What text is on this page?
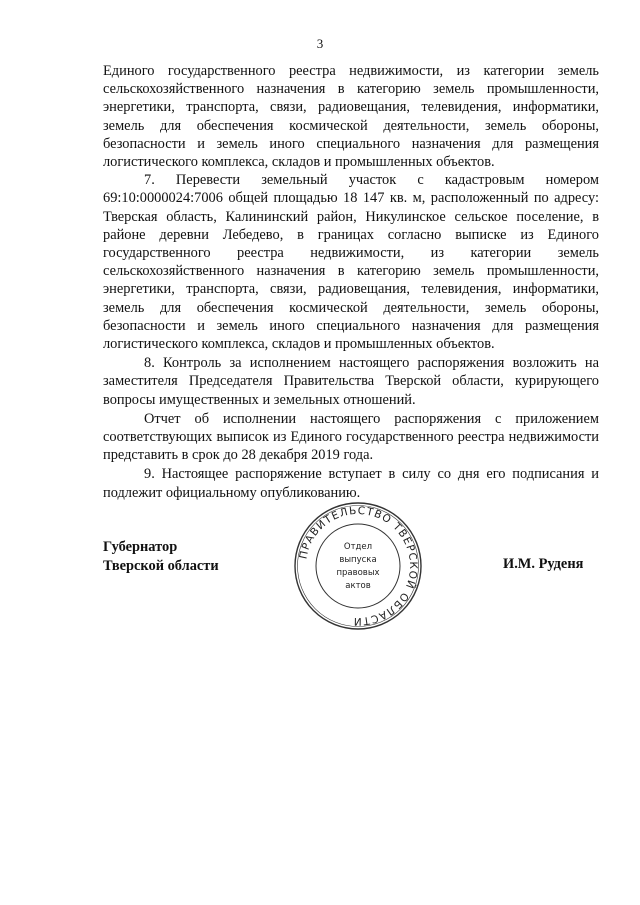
3

Единого государственного реестра недвижимости, из категории земель сельскохозяйственного назначения в категорию земель промышленности, энергетики, транспорта, связи, радиовещания, телевидения, информатики, земель для обеспечения космической деятельности, земель обороны, безопасности и земель иного специального назначения для размещения логистического комплекса, складов и промышленных объектов.

7. Перевести земельный участок с кадастровым номером 69:10:0000024:7006 общей площадью 18 147 кв. м, расположенный по адресу: Тверская область, Калининский район, Никулинское сельское поселение, в районе деревни Лебедево, в границах согласно выписке из Единого государственного реестра недвижимости, из категории земель сельскохозяйственного назначения в категорию земель промышленности, энергетики, транспорта, связи, радиовещания, телевидения, информатики, земель для обеспечения космической деятельности, земель обороны, безопасности и земель иного специального назначения для размещения логистического комплекса, складов и промышленных объектов.

8. Контроль за исполнением настоящего распоряжения возложить на заместителя Председателя Правительства Тверской области, курирующего вопросы имущественных и земельных отношений.

Отчет об исполнении настоящего распоряжения с приложением соответствующих выписок из Единого государственного реестра недвижимости представить в срок до 28 декабря 2019 года.

9. Настоящее распоряжение вступает в силу со дня его подписания и подлежит официальному опубликованию.

Губернатор
Тверской области
ПРАВИТЕЛЬСТВО ТВЕРСКОЙ ОБЛАСТИ
Отдел
выпуска
правовых
актов
И.М. Руденя
